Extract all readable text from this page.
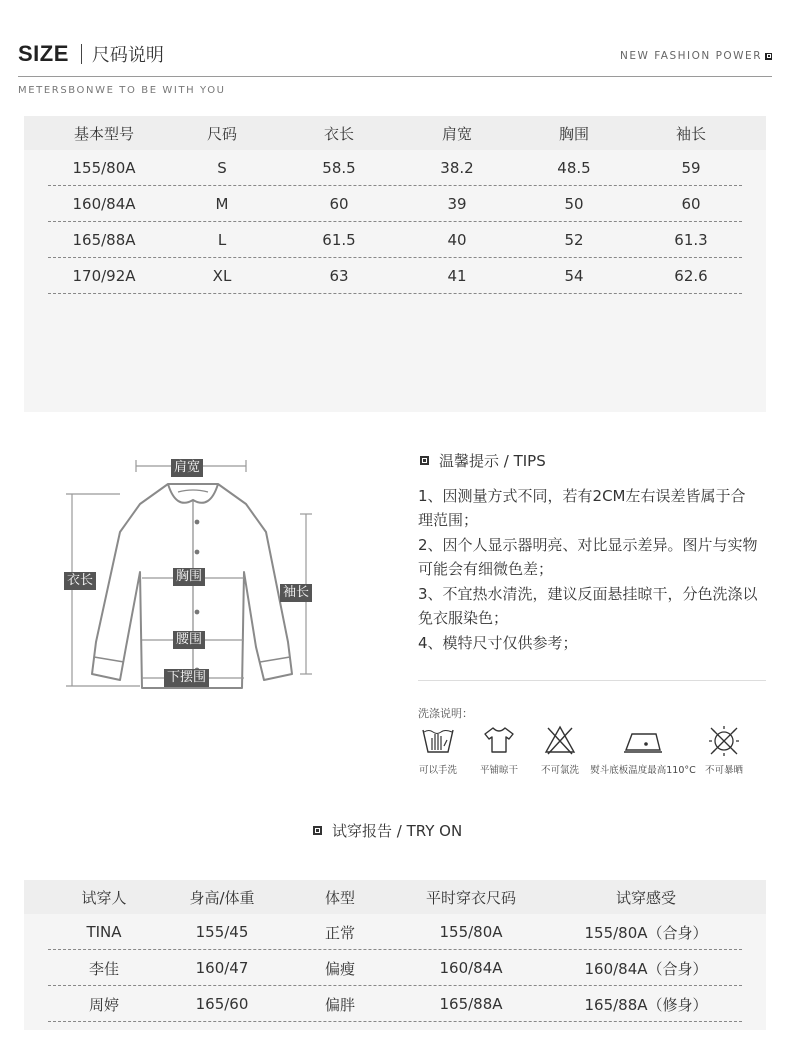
SIZE 尺码说明	NEW FASHION POWER
METERSBONWE TO BE WITH YOU
基本型号	尺码	衣长	肩宽	胸围	袖长
155/80A	S	58.5	38.2	48.5	59
160/84A	M	60	39	50	60
165/88A	L	61.5	40	52	61.3
170/92A	XL	63	41	54	62.6
肩宽
衣长	胸围
袖长
腰围
下摆围
温馨提示 / TIPS

1、因测量方式不同，若有2CM左右误差皆属于合理范围；

2、因个人显示器明亮、对比显示差异。图片与实物可能会有细微色差；

3、不宜热水清洗，建议反面悬挂晾干，分色洗涤以免衣服染色；

4、模特尺寸仅供参考；

洗涤说明：
可以手洗 平铺晾干 不可氯洗 熨斗底板温度最高110°C 不可暴晒
试穿报告 / TRY ON
试穿人	身高/体重	体型	平时穿衣尺码	试穿感受
TINA	155/45	正常	155/80A	155/80A（合身）
李佳	160/47	偏瘦	160/84A	160/84A（合身）
周婷	165/60	偏胖	165/88A	165/88A（修身）
